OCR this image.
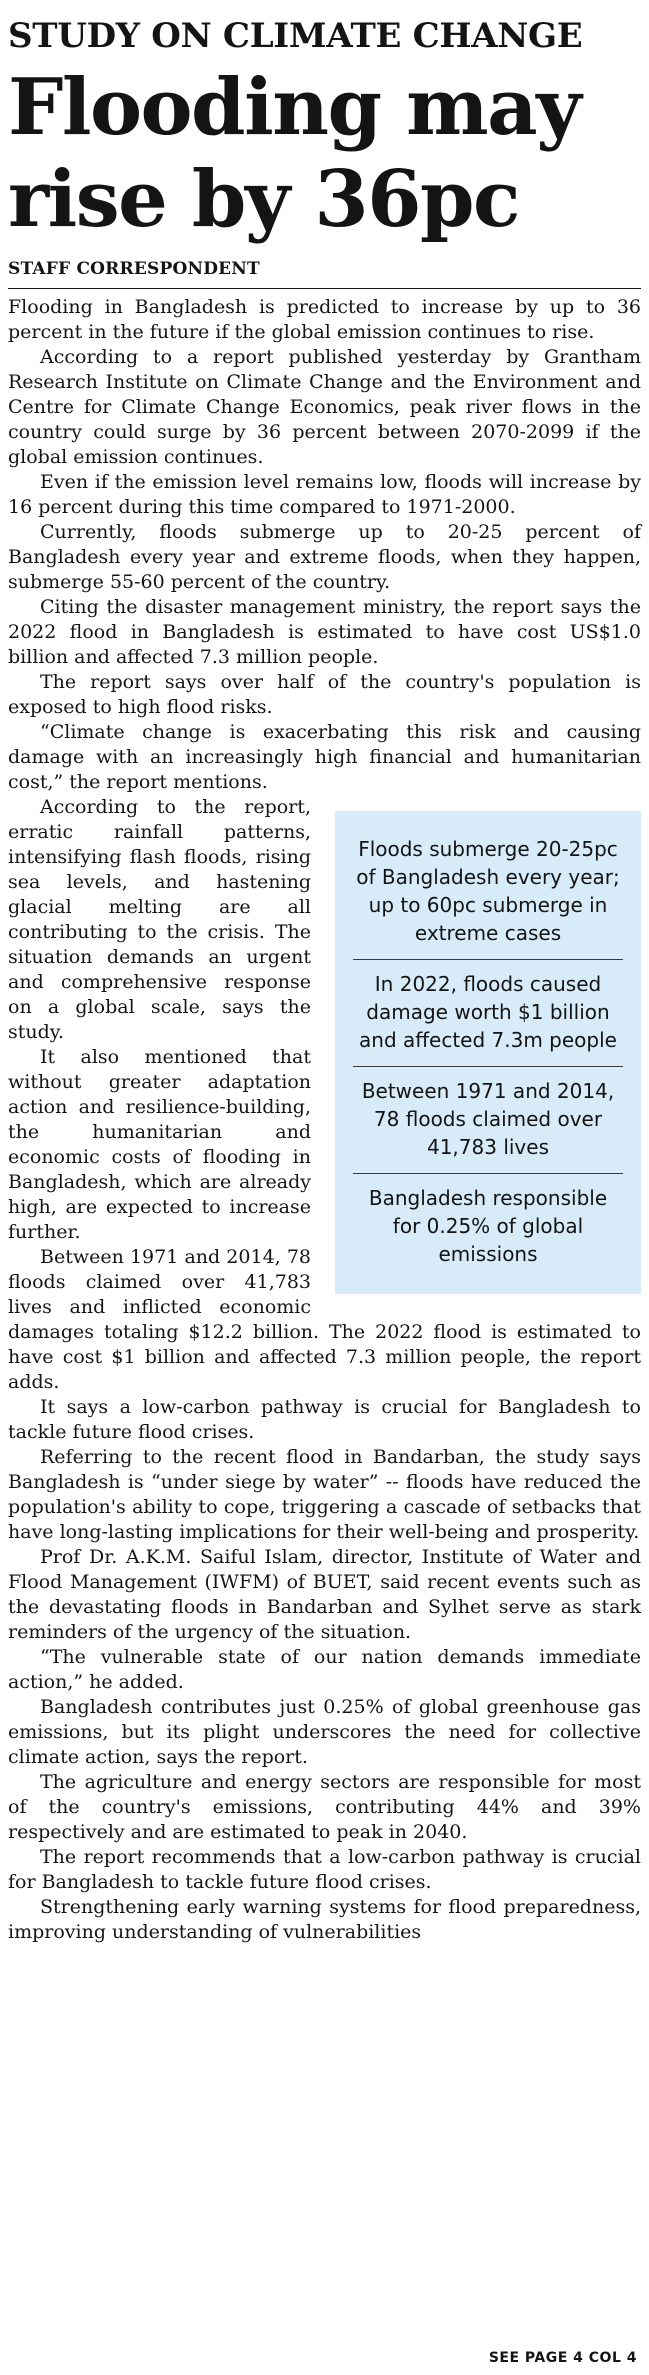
STUDY ON CLIMATE CHANGE
Flooding may rise by 36pc
STAFF CORRESPONDENT

Flooding in Bangladesh is predicted to increase by up to 36 percent in the future if the global emission continues to rise.

According to a report published yesterday by Grantham Research Institute on Climate Change and the Environment and Centre for Climate Change Economics, peak river flows in the country could surge by 36 percent between 2070-2099 if the global emission continues.

Even if the emission level remains low, floods will increase by 16 percent during this time compared to 1971-2000.

Currently, floods submerge up to 20-25 percent of Bangladesh every year and extreme floods, when they happen, submerge 55-60 percent of the country.

Citing the disaster management ministry, the report says the 2022 flood in Bangladesh is estimated to have cost US$1.0 billion and affected 7.3 million people.

The report says over half of the country's population is exposed to high flood risks.

“Climate change is exacerbating this risk and causing damage with an increasingly high financial and humanitarian cost,” the report mentions.

Floods submerge 20-25pc of Bangladesh every year; up to 60pc submerge in extreme cases
In 2022, floods caused damage worth $1 billion and affected 7.3m people
Between 1971 and 2014, 78 floods claimed over 41,783 lives
Bangladesh responsible for 0.25% of global emissions

According to the report, erratic rainfall patterns, intensifying flash floods, rising sea levels, and hastening glacial melting are all contributing to the crisis. The situation demands an urgent and comprehensive response on a global scale, says the study.

It also mentioned that without greater adaptation action and resilience-building, the humanitarian and economic costs of flooding in Bangladesh, which are already high, are expected to increase further.

Between 1971 and 2014, 78 floods claimed over 41,783 lives and inflicted economic damages totaling $12.2 billion. The 2022 flood is estimated to have cost $1 billion and affected 7.3 million people, the report adds.

It says a low-carbon pathway is crucial for Bangladesh to tackle future flood crises.

Referring to the recent flood in Bandarban, the study says Bangladesh is “under siege by water” -- floods have reduced the population's ability to cope, triggering a cascade of setbacks that have long-lasting implications for their well-being and prosperity.

Prof Dr. A.K.M. Saiful Islam, director, Institute of Water and Flood Management (IWFM) of BUET, said recent events such as the devastating floods in Bandarban and Sylhet serve as stark reminders of the urgency of the situation.

“The vulnerable state of our nation demands immediate action,” he added.

Bangladesh contributes just 0.25% of global greenhouse gas emissions, but its plight underscores the need for collective climate action, says the report.

The agriculture and energy sectors are responsible for most of the country's emissions, contributing 44% and 39% respectively and are estimated to peak in 2040.

The report recommends that a low-carbon pathway is crucial for Bangladesh to tackle future flood crises.

Strengthening early warning systems for flood preparedness, improving understanding of vulnerabilities

SEE PAGE 4 COL 4
